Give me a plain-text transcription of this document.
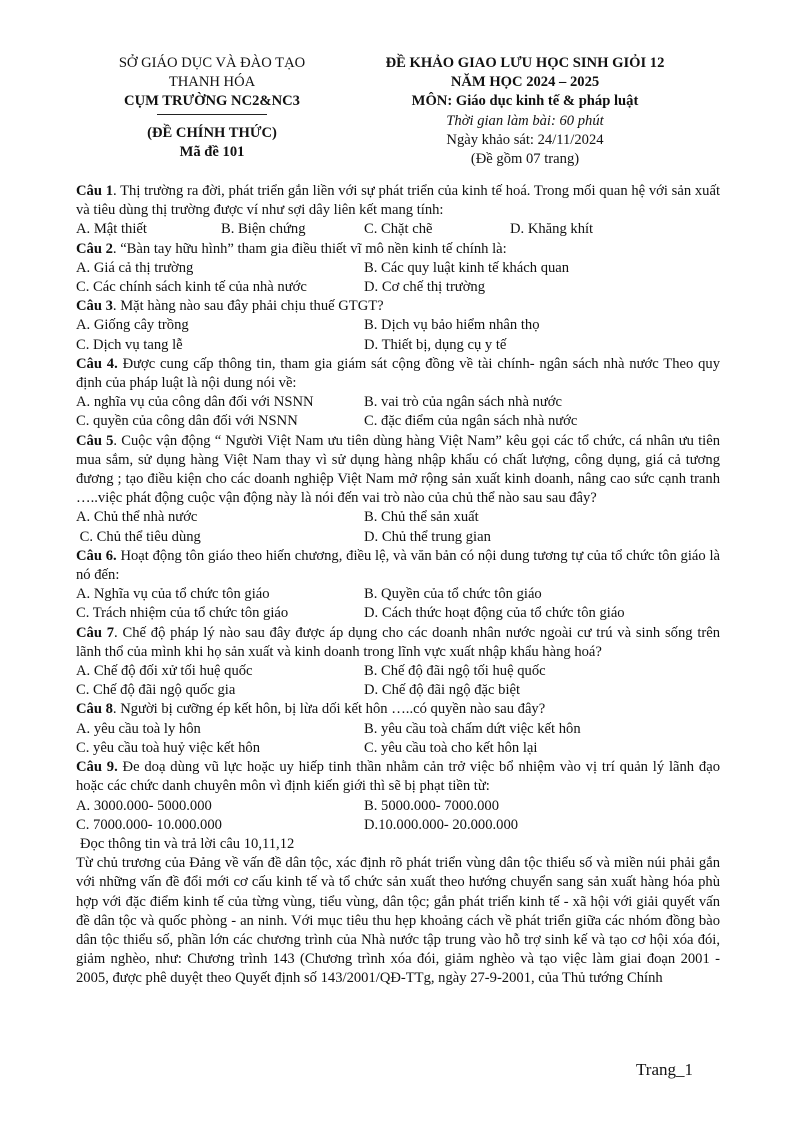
SỞ GIÁO DỤC VÀ ĐÀO TẠO
THANH HÓA
CỤM TRƯỜNG NC2&NC3
(ĐỀ CHÍNH THỨC)
Mã đề 101
ĐỀ KHẢO GIAO LƯU HỌC SINH GIỎI 12
NĂM HỌC 2024 – 2025
MÔN: Giáo dục kinh tế & pháp luật
Thời gian làm bài: 60 phút
Ngày khảo sát: 24/11/2024
(Đề gồm 07 trang)

Câu 1. Thị trường ra đời, phát triển gắn liền với sự phát triển của kinh tế hoá. Trong mối quan hệ với sản xuất và tiêu dùng thị trường được ví như sợi dây liên kết mang tính:

A. Mật thiết	B. Biện chứng	C. Chặt chẽ	D. Khăng khít

Câu 2. “Bàn tay hữu hình” tham gia điều thiết vĩ mô nền kinh tế chính là:

A. Giá cả thị trường	B. Các quy luật kinh tế khách quan
C. Các chính sách kinh tế của nhà nước	D. Cơ chế thị trường

Câu 3. Mặt hàng nào sau đây phải chịu thuế GTGT?

A. Giống cây trồng	B. Dịch vụ bảo hiểm nhân thọ
C. Dịch vụ tang lễ	D. Thiết bị, dụng cụ y tế

Câu 4. Được cung cấp thông tin, tham gia giám sát cộng đồng về tài chính- ngân sách nhà nước Theo quy định của pháp luật là nội dung nói về:

A. nghĩa vụ của công dân đối với NSNN	B. vai trò của ngân sách nhà nước
C. quyền của công dân đối với NSNN	C. đặc điểm của ngân sách nhà nước

Câu 5. Cuộc vận động “ Người Việt Nam ưu tiên dùng hàng Việt Nam” kêu gọi các tổ chức, cá nhân ưu tiên mua sắm, sử dụng hàng Việt Nam thay vì sử dụng hàng nhập khẩu có chất lượng, công dụng, giá cả tương đương ; tạo điều kiện cho các doanh nghiệp Việt Nam mở rộng sản xuất kinh doanh, nâng cao sức cạnh tranh …..việc phát động cuộc vận động này là nói đến vai trò nào của chủ thể nào sau sau đây?

A. Chủ thể nhà nước	B. Chủ thể sản xuất
C. Chủ thể tiêu dùng	D. Chủ thể trung gian

Câu 6. Hoạt động tôn giáo theo hiến chương, điều lệ, và văn bản có nội dung tương tự của tổ chức tôn giáo là nó đến:

A. Nghĩa vụ của tổ chức tôn giáo	B. Quyền của tổ chức tôn giáo
C. Trách nhiệm của tổ chức tôn giáo	D. Cách thức hoạt động của tổ chức tôn giáo

Câu 7. Chế độ pháp lý nào sau đây được áp dụng cho các doanh nhân nước ngoài cư trú và sinh sống trên lãnh thổ của mình khi họ sản xuất và kinh doanh trong lĩnh vực xuất nhập khẩu hàng hoá?

A. Chế độ đối xử tối huệ quốc	B. Chế độ đãi ngộ tối huệ quốc
C. Chế độ đãi ngộ quốc gia	D. Chế độ đãi ngộ đặc biệt

Câu 8. Người bị cưỡng ép kết hôn, bị lừa dối kết hôn …..có quyền nào sau đây?

A. yêu cầu toà ly hôn	B. yêu cầu toà chấm dứt việc kết hôn
C. yêu cầu toà huỷ việc kết hôn	C. yêu cầu toà cho kết hôn lại

Câu 9. Đe doạ dùng vũ lực hoặc uy hiếp tinh thần nhằm cản trở việc bổ nhiệm vào vị trí quản lý lãnh đạo hoặc các chức danh chuyên môn vì định kiến giới thì sẽ bị phạt tiền từ:

A. 3000.000- 5000.000	B. 5000.000- 7000.000
C. 7000.000- 10.000.000	D.10.000.000- 20.000.000

Đọc thông tin và trả lời câu 10,11,12

Từ chủ trương của Đảng về vấn đề dân tộc, xác định rõ phát triển vùng dân tộc thiểu số và miền núi phải gắn với những vấn đề đổi mới cơ cấu kinh tế và tổ chức sản xuất theo hướng chuyển sang sản xuất hàng hóa phù hợp với đặc điểm kinh tế của từng vùng, tiểu vùng, dân tộc; gắn phát triển kinh tế - xã hội với giải quyết vấn đề dân tộc và quốc phòng - an ninh. Với mục tiêu thu hẹp khoảng cách về phát triển giữa các nhóm đồng bào dân tộc thiểu số, phần lớn các chương trình của Nhà nước tập trung vào hỗ trợ sinh kế và tạo cơ hội xóa đói, giảm nghèo, như: Chương trình 143 (Chương trình xóa đói, giảm nghèo và tạo việc làm giai đoạn 2001 - 2005, được phê duyệt theo Quyết định số 143/2001/QĐ-TTg, ngày 27-9-2001, của Thủ tướng Chính

Trang_1
